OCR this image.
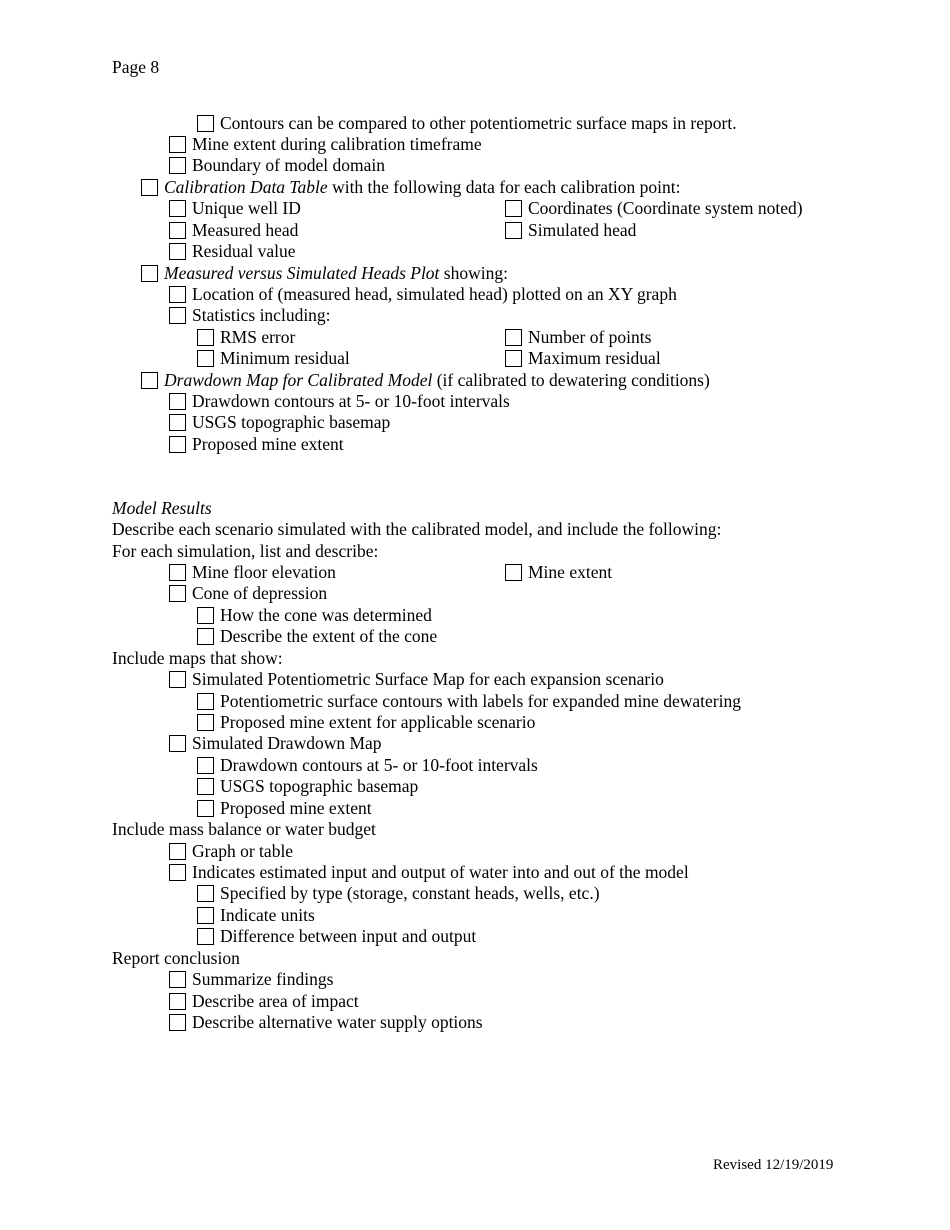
Page 8
Contours can be compared to other potentiometric surface maps in report.
Mine extent during calibration timeframe
Boundary of model domain
Calibration Data Table with the following data for each calibration point:
Unique well ID	Coordinates (Coordinate system noted)
Measured head	Simulated head
Residual value
Measured versus Simulated Heads Plot showing:
Location of (measured head, simulated head) plotted on an XY graph
Statistics including:
RMS error	Number of points
Minimum residual	Maximum residual
Drawdown Map for Calibrated Model (if calibrated to dewatering conditions)
Drawdown contours at 5- or 10-foot intervals
USGS topographic basemap
Proposed mine extent
Model Results
Describe each scenario simulated with the calibrated model, and include the following:
For each simulation, list and describe:
Mine floor elevation	Mine extent
Cone of depression
How the cone was determined
Describe the extent of the cone
Include maps that show:
Simulated Potentiometric Surface Map for each expansion scenario
Potentiometric surface contours with labels for expanded mine dewatering
Proposed mine extent for applicable scenario
Simulated Drawdown Map
Drawdown contours at 5- or 10-foot intervals
USGS topographic basemap
Proposed mine extent
Include mass balance or water budget
Graph or table
Indicates estimated input and output of water into and out of the model
Specified by type (storage, constant heads, wells, etc.)
Indicate units
Difference between input and output
Report conclusion
Summarize findings
Describe area of impact
Describe alternative water supply options
Revised 12/19/2019
